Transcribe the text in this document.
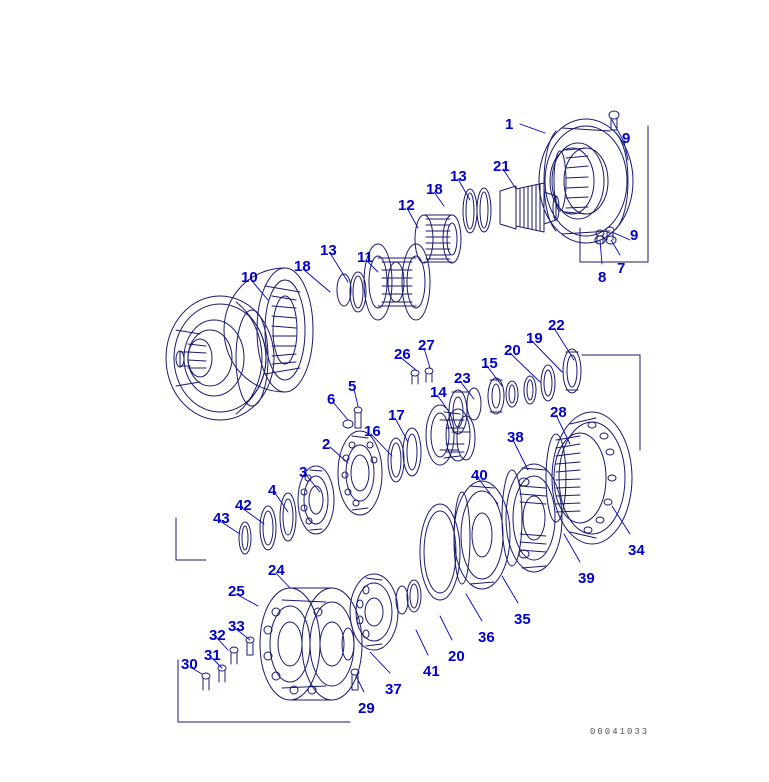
1
9
21
13
18
12
9
11
13
7
8
18
10
22
19
20
27
26
15
23
14
5
28
6
17
16	38
2
40
3
4
42
43
34
39
24
25
35
36
33
32
31
30	20
41
37
29
00041033
